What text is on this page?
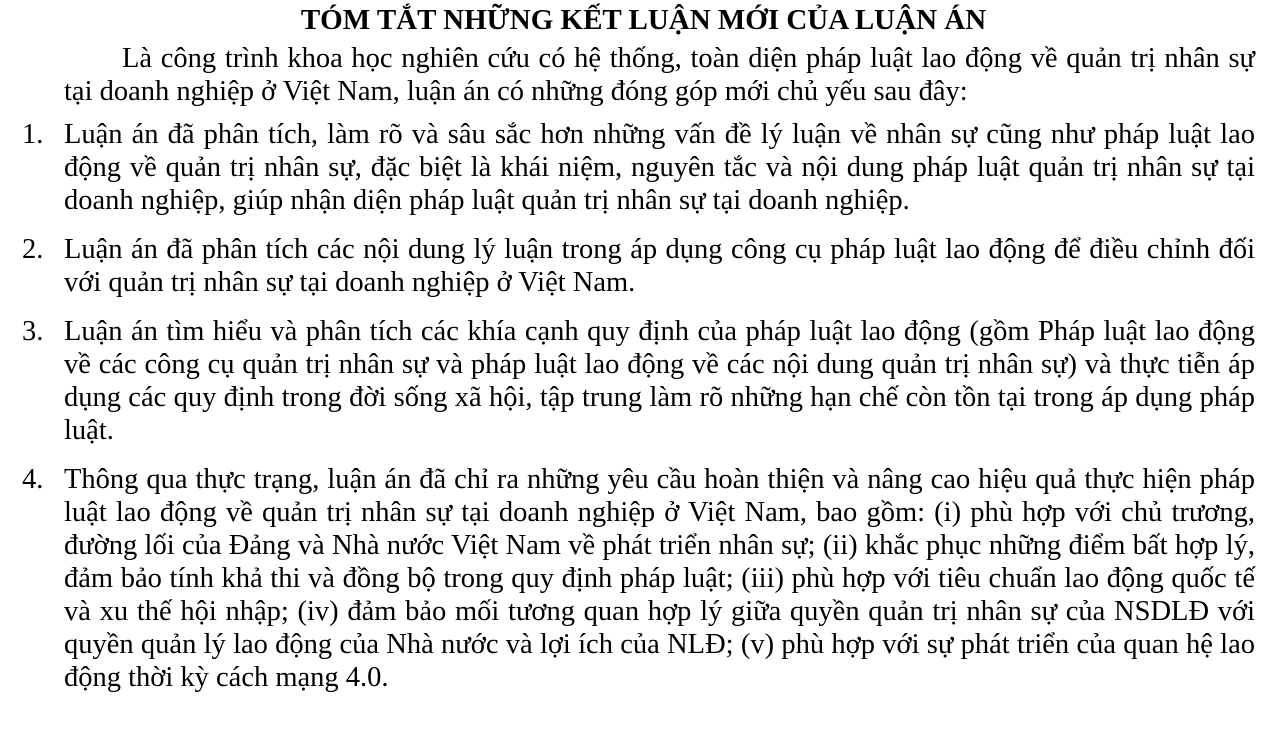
TÓM TẮT NHỮNG KẾT LUẬN MỚI CỦA LUẬN ÁN

Là công trình khoa học nghiên cứu có hệ thống, toàn diện pháp luật lao động về quản trị nhân sự tại doanh nghiệp ở Việt Nam, luận án có những đóng góp mới chủ yếu sau đây:

1. Luận án đã phân tích, làm rõ và sâu sắc hơn những vấn đề lý luận về nhân sự cũng như pháp luật lao động về quản trị nhân sự, đặc biệt là khái niệm, nguyên tắc và nội dung pháp luật quản trị nhân sự tại doanh nghiệp, giúp nhận diện pháp luật quản trị nhân sự tại doanh nghiệp.
2. Luận án đã phân tích các nội dung lý luận trong áp dụng công cụ pháp luật lao động để điều chỉnh đối với quản trị nhân sự tại doanh nghiệp ở Việt Nam.
3. Luận án tìm hiểu và phân tích các khía cạnh quy định của pháp luật lao động (gồm Pháp luật lao động về các công cụ quản trị nhân sự và pháp luật lao động về các nội dung quản trị nhân sự) và thực tiễn áp dụng các quy định trong đời sống xã hội, tập trung làm rõ những hạn chế còn tồn tại trong áp dụng pháp luật.
4. Thông qua thực trạng, luận án đã chỉ ra những yêu cầu hoàn thiện và nâng cao hiệu quả thực hiện pháp luật lao động về quản trị nhân sự tại doanh nghiệp ở Việt Nam, bao gồm: (i) phù hợp với chủ trương, đường lối của Đảng và Nhà nước Việt Nam về phát triển nhân sự; (ii) khắc phục những điểm bất hợp lý, đảm bảo tính khả thi và đồng bộ trong quy định pháp luật; (iii) phù hợp với tiêu chuẩn lao động quốc tế và xu thế hội nhập; (iv) đảm bảo mối tương quan hợp lý giữa quyền quản trị nhân sự của NSDLĐ với quyền quản lý lao động của Nhà nước và lợi ích của NLĐ; (v) phù hợp với sự phát triển của quan hệ lao động thời kỳ cách mạng 4.0.
